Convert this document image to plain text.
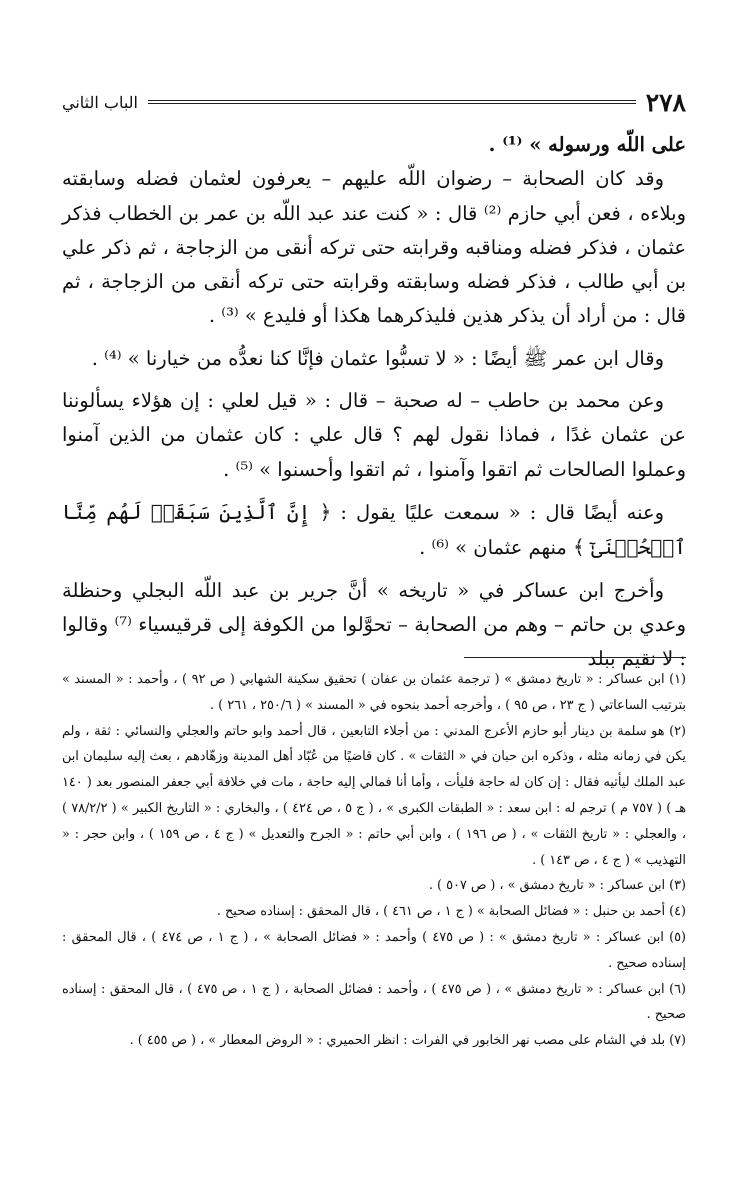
٢٧٨
الباب الثاني

على اللّه ورسوله » ⁽¹⁾ .

وقد كان الصحابة – رضوان اللّه عليهم – يعرفون لعثمان فضله وسابقته وبلاءه ، فعن أبي حازم ⁽²⁾ قال : « كنت عند عبد اللّه بن عمر بن الخطاب فذكر عثمان ، فذكر فضله ومناقبه وقرابته حتى تركه أنقى من الزجاجة ، ثم ذكر علي بن أبي طالب ، فذكر فضله وسابقته وقرابته حتى تركه أنقى من الزجاجة ، ثم قال : من أراد أن يذكر هذين فليذكرهما هكذا أو فليدع » ⁽³⁾ .

وقال ابن عمر ﷺ أيضًا : « لا تسبُّوا عثمان فإنَّا كنا نعدُّه من خيارنا » ⁽⁴⁾ .

وعن محمد بن حاطب – له صحبة – قال : « قيل لعلي : إن هؤلاء يسألوننا عن عثمان غدًا ، فماذا نقول لهم ؟ قال علي : كان عثمان من الذين آمنوا وعملوا الصالحات ثم اتقوا وآمنوا ، ثم اتقوا وأحسنوا » ⁽⁵⁾ .

وعنه أيضًا قال : « سمعت عليًا يقول : ﴿ إِنَّ ٱلَّذِينَ سَبَقَتۡ لَهُم مِّنَّا ٱلۡحُسۡنَىٰٓ ﴾ منهم عثمان » ⁽⁶⁾ .

وأخرج ابن عساكر في « تاريخه » أنَّ جرير بن عبد اللّه البجلي وحنظلة وعدي بن حاتم – وهم من الصحابة – تحوَّلوا من الكوفة إلى قرقيسياء ⁽⁷⁾ وقالوا : لا نقيم ببلد

(١) ابن عساكر : « تاريخ دمشق » ( ترجمة عثمان بن عفان ) تحقيق سكينة الشهابي ( ص ٩٢ ) ، وأحمد : « المسند » بترتيب الساعاتي ( ج ٢٣ ، ص ٩٥ ) ، وأخرجه أحمد بنحوه في « المسند » ( ٢٥٠/٦ ، ٢٦١ ) .

(٢) هو سلمة بن دينار أبو حازم الأعرج المدني : من أجلاء التابعين ، قال أحمد وابو حاتم والعجلي والنسائي : ثقة ، ولم يكن في زمانه مثله ، وذكره ابن حبان في « الثقات » . كان قاضيًا من عُبّاد أهل المدينة وزهّادهم ، بعث إليه سليمان ابن عبد الملك ليأتيه فقال : إن كان له حاجة فليأت ، وأما أنا فمالي إليه حاجة ، مات في خلافة أبي جعفر المنصور بعد ( ١٤٠ هـ ) ( ٧٥٧ م ) ترجم له : ابن سعد : « الطبقات الكبرى » ، ( ج ٥ ، ص ٤٢٤ ) ، والبخاري : « التاريخ الكبير » ( ٧٨/٢/٢ ) ، والعجلي : « تاريخ الثقات » ، ( ص ١٩٦ ) ، وابن أبي حاتم : « الجرح والتعديل » ( ج ٤ ، ص ١٥٩ ) ، وابن حجر : « التهذيب » ( ج ٤ ، ص ١٤٣ ) .

(٣) ابن عساكر : « تاريخ دمشق » ، ( ص ٥٠٧ ) .

(٤) أحمد بن حنبل : « فضائل الصحابة » ( ج ١ ، ص ٤٦١ ) ، قال المحقق : إسناده صحيح .

(٥) ابن عساكر : « تاريخ دمشق » : ( ص ٤٧٥ ) وأحمد : « فضائل الصحابة » ، ( ج ١ ، ص ٤٧٤ ) ، قال المحقق : إسناده صحيح .

(٦) ابن عساكر : « تاريخ دمشق » ، ( ص ٤٧٥ ) ، وأحمد : فضائل الصحابة ، ( ج ١ ، ص ٤٧٥ ) ، قال المحقق : إسناده صحيح .

(٧) بلد في الشام على مصب نهر الخابور في الفرات : انظر الحميري : « الروض المعطار » ، ( ص ٤٥٥ ) .
